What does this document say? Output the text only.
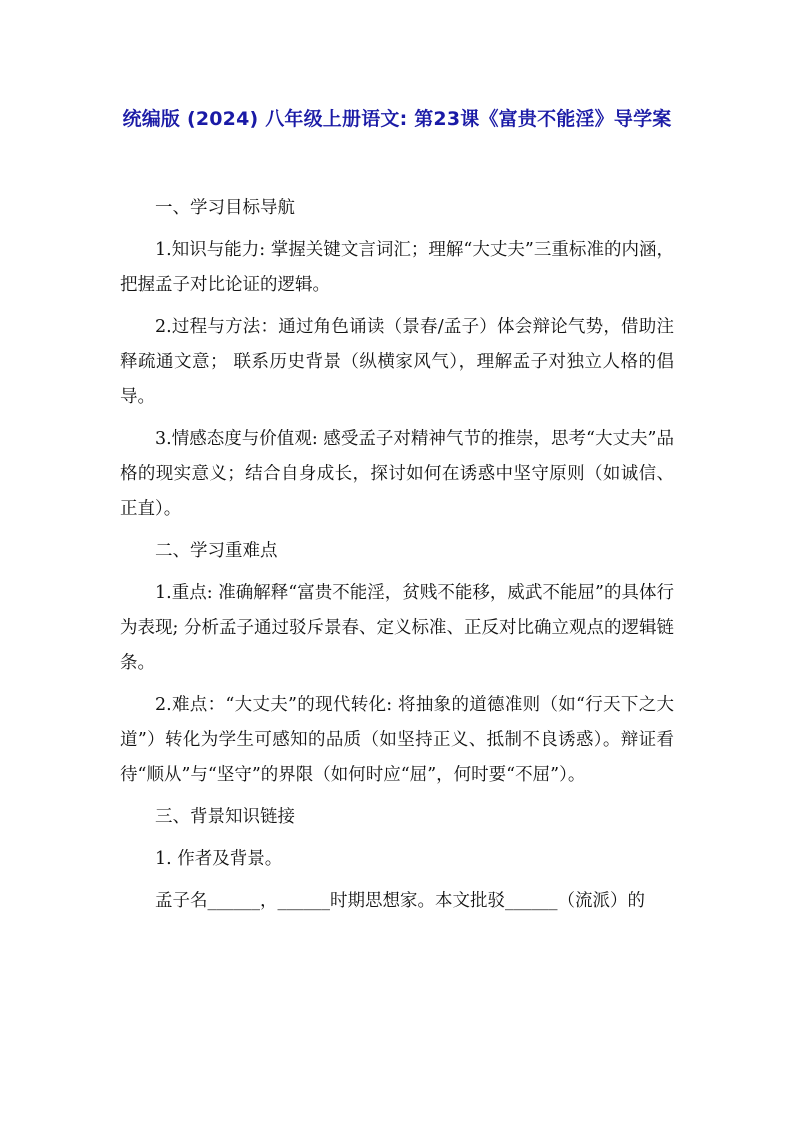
统编版 (2024) 八年级上册语文: 第23课《富贵不能淫》导学案

一、学习目标导航

1.知识与能力: 掌握关键文言词汇；理解“大丈夫”三重标准的内涵，把握孟子对比论证的逻辑。

2.过程与方法：通过角色诵读（景春/孟子）体会辩论气势，借助注释疏通文意； 联系历史背景（纵横家风气），理解孟子对独立人格的倡导。

3.情感态度与价值观: 感受孟子对精神气节的推崇，思考“大丈夫”品格的现实意义；结合自身成长，探讨如何在诱惑中坚守原则（如诚信、正直）。

二、学习重难点

1.重点: 准确解释“富贵不能淫，贫贱不能移，威武不能屈”的具体行为表现; 分析孟子通过驳斥景春、定义标准、正反对比确立观点的逻辑链条。

2.难点：“大丈夫”的现代转化: 将抽象的道德准则（如“行天下之大道”）转化为学生可感知的品质（如坚持正义、抵制不良诱惑）。辩证看待“顺从”与“坚守”的界限（如何时应“屈”，何时要“不屈”）。

三、背景知识链接

1. 作者及背景。

孟子名______，______时期思想家。本文批驳______（流派）的
